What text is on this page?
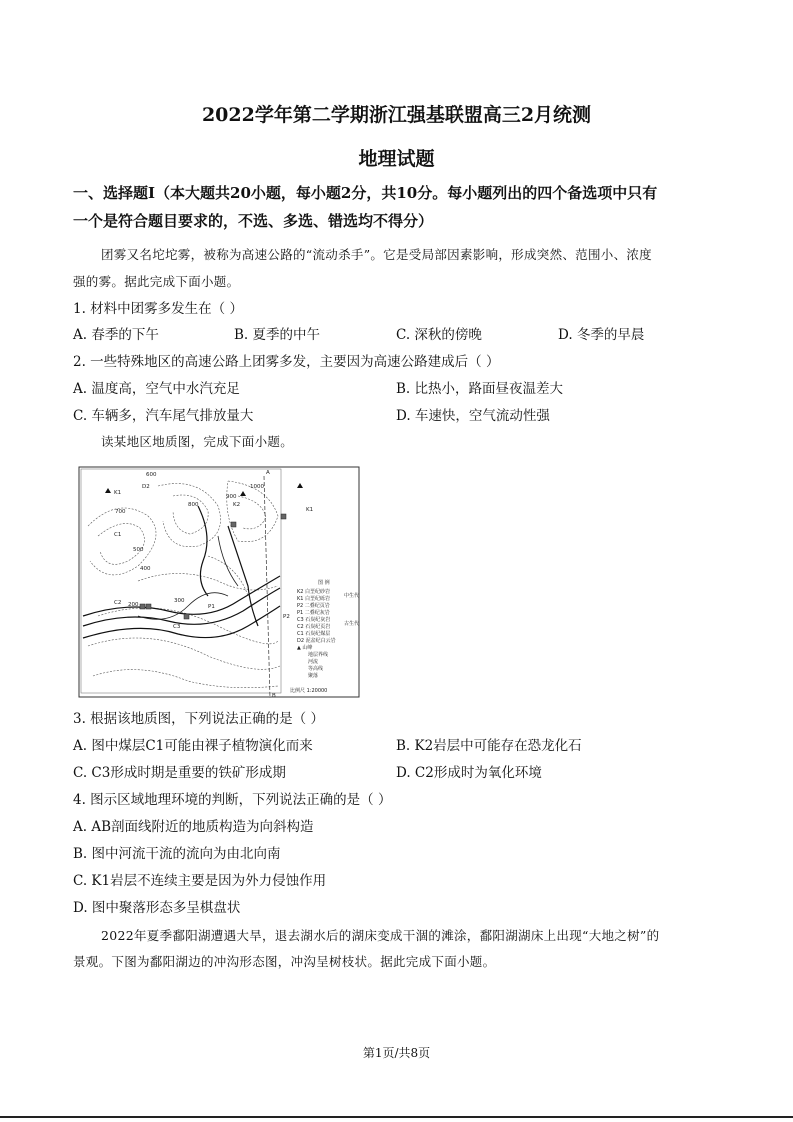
2022学年第二学期浙江强基联盟高三2月统测
地理试题
一、选择题Ⅰ（本大题共20小题，每小题2分，共10分。每小题列出的四个备选项中只有
一个是符合题目要求的，不选、多选、错选均不得分）
团雾又名坨坨雾，被称为高速公路的“流动杀手”。它是受局部因素影响，形成突然、范围小、浓度
强的雾。据此完成下面小题。
1. 材料中团雾多发生在（ ）
A. 春季的下午	B. 夏季的中午	C. 深秋的傍晚	D. 冬季的早晨
2. 一些特殊地区的高速公路上团雾多发，主要因为高速公路建成后（ ）
A. 温度高，空气中水汽充足	B. 比热小，路面昼夜温差大
C. 车辆多，汽车尾气排放量大	D. 车速快，空气流动性强
读某地区地质图，完成下面小题。
K1
D2
C1
700
600
800
900
1000
K2
K1
500
400
300
200
C2
C3
P1
P2
A
B
图 例
K2 白垩纪砂岩
K1 白垩纪砾岩
P2 二叠纪页岩
P1 二叠纪灰岩
C3 石炭纪灰岩
C2 石炭纪页岩
C1 石炭纪煤层
D2 泥盆纪白云岩
▲ 山峰
地层界线
河流
等高线
聚落
中生代
古生代
比例尺 1:20000
3. 根据该地质图，下列说法正确的是（ ）
A. 图中煤层C1可能由裸子植物演化而来	B. K2岩层中可能存在恐龙化石
C. C3形成时期是重要的铁矿形成期	D. C2形成时为氧化环境
4. 图示区域地理环境的判断，下列说法正确的是（ ）
A. AB剖面线附近的地质构造为向斜构造
B. 图中河流干流的流向为由北向南
C. K1岩层不连续主要是因为外力侵蚀作用
D. 图中聚落形态多呈棋盘状
2022年夏季鄱阳湖遭遇大旱，退去湖水后的湖床变成干涸的滩涂，鄱阳湖湖床上出现“大地之树”的
景观。下图为鄱阳湖边的冲沟形态图，冲沟呈树枝状。据此完成下面小题。
第1页/共8页
